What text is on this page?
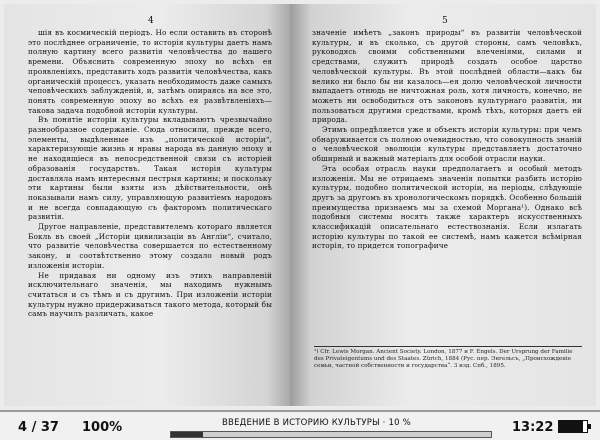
4

шія въ космическій періодъ. Но если оставить въ сторонѣ это послѣднее ограниченіе, то исторія культуры даетъ намъ полную картину всего развитія человѣчества до нашего времени. Объяснить современную эпоху во всѣхъ ея проявленіяхъ, представить ходъ развитія человѣчества, какъ органическій процессъ, указать необходимость даже самыхъ чеповѣческихъ заблужденій, и, затѣмъ опираясь на все это, понять современную эпоху во всѣхъ ея развѣтвленіяхъ—такова задача подобной исторіи культуры.

Въ понятіе исторіи культуры вкладываютъ чрезвычайно разнообразное содержаніе. Сюда относили, прежде всего, элементы, выдѣленные изъ „политической исторіи“, характеризующіе жизнь и нравы народа въ данную эпоху и не находящіеся въ непосредственной связи съ исторіей образованія государствъ. Такая исторія культуры доставляла намъ интересныя пестрыя картины; и поскольку эти картины были взяты изъ дѣйствительности, онѣ показывали намъ силу, управляющую развитіемъ народовъ и не всегда совпадающую съ факторомъ политическаго развитія.

Другое направленіе, представителемъ котораго является Бокль въ своей „Исторіи цивилизаціи въ Англіи“, считало, что развитіе человѣчества совершается по естественному закону, и соотвѣтственно этому создало новый родъ изложенія исторіи.

Не придавая ни одному изъ этихъ направленій исключительнаго значенія, мы находимъ нужнымъ считаться и съ тѣмъ и съ другимъ. При изложеніи исторіи культуры нужно придерживаться такого метода, который бы самъ научилъ различать, какое

5

значеніе имѣетъ „законъ природы“ въ развитіи человѣческой культуры, и въ сколько, съ другой стороны, самъ человѣкъ, руководясь своими собственными влеченіями, силами и средствами, служитъ природѣ создать особое царство человѣческой культуры. Въ этой послѣдней области—какъ бы велико ни было бы ни казалось—ея долю человѣческой личности выпадаетъ отнюдь не ничтожная роль, хотя личность, конечно, не можетъ ни освободиться отъ законовъ культурнаго развитія, ни пользоваться другими средствами, кромѣ тѣхъ, которыя даетъ ей природа.

Этимъ опредѣляется уже и объектъ исторіи культуры: при чемъ обнаруживается съ полною очевидностью, что совокупность знаній о человѣческой эволюціи культуры представляетъ достаточно обширный и важный матеріалъ для особой отрасли науки.

Эта особая отрасль науки предполагаетъ и особый методъ изложенія. Мы не отрицаемъ значенія попытки разбить исторію культуры, подобно политической исторіи, на періоды, слѣдующіе другъ за другомъ въ хронологическомъ порядкѣ. Особенно большій преимущества признаемъ мы за схемой Моргана¹). Однако всѣ подобныя системы носятъ также характеръ искусственныхъ классификацій описательнаго естествознанія. Если излагать исторію культуры по такой ее системѣ, намъ кажется всѣмірная исторія, то придется топографиче

¹) Cfr. Lewis Morgan. Ancient Society. London, 1877 и F. Engels. Der Ursprung der Familie des Privateigentums und des Staates. Zürich, 1884 (Рус. пер. Энгельсъ, „Происхожденіе семьи, частной собственности и государства“. 3 изд. Спб., 1895.
4 / 37 100%	ВВЕДЕНИЕ В ИСТОРИЮ КУЛЬТУРЫ · 10 %	13:22
